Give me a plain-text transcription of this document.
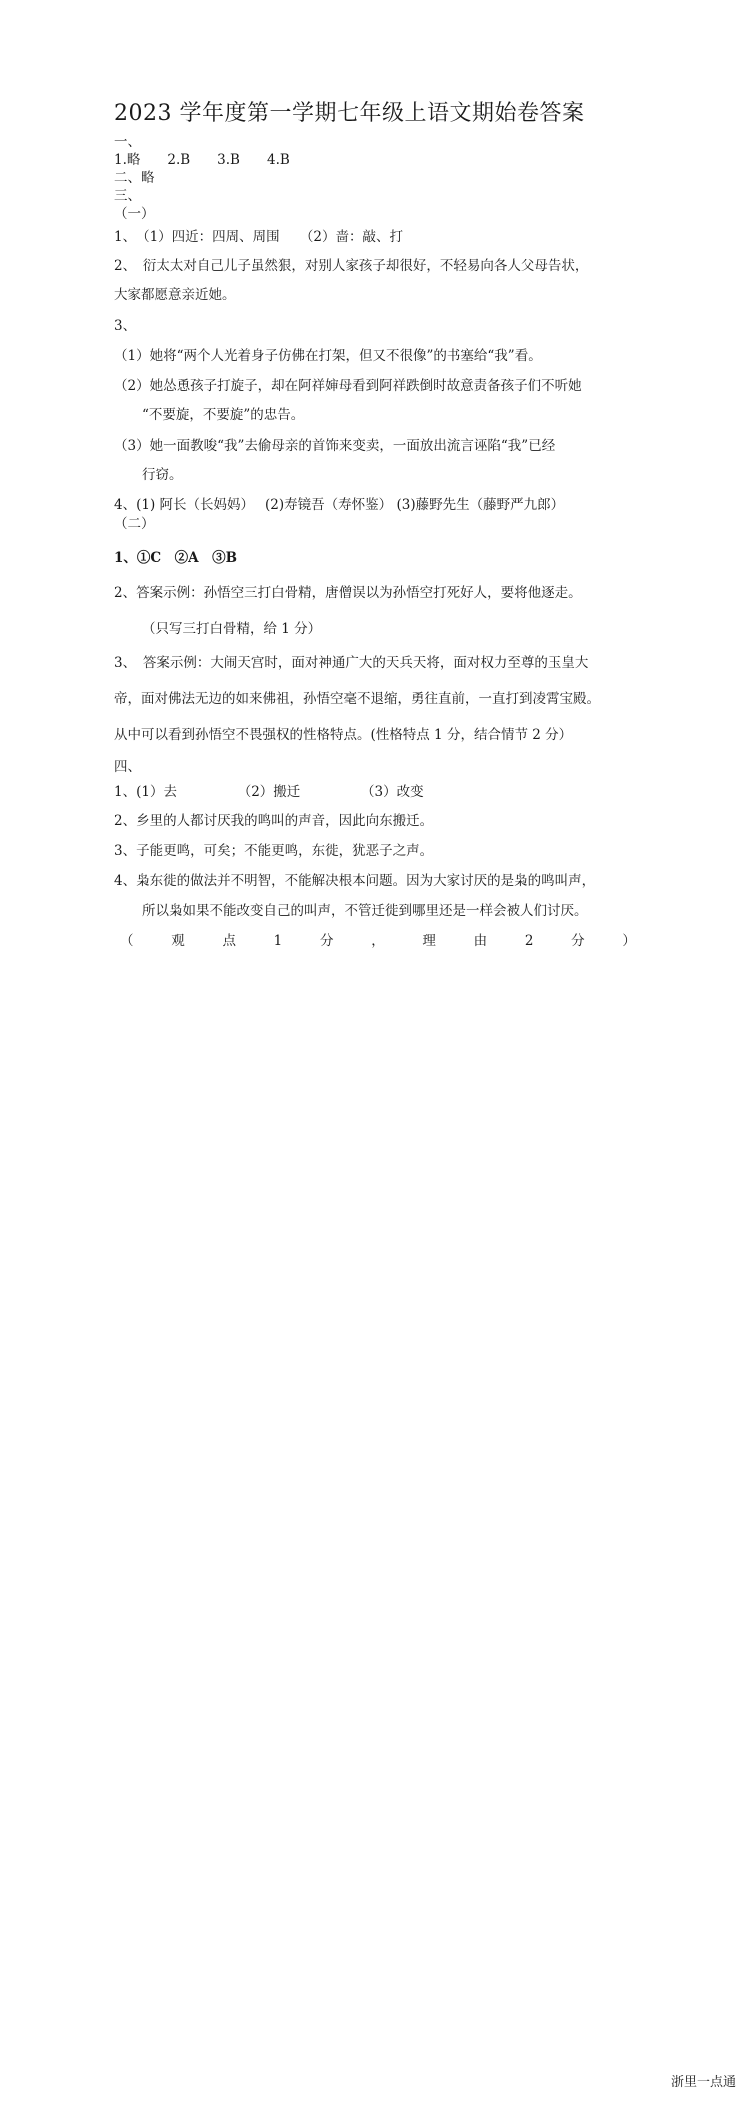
2023 学年度第一学期七年级上语文期始卷答案
一、
1.略　　2.B　　3.B　　4.B
二、略
三、
（一）
1、　（1）四近：四周、周围　　（2）啬：敲、打
2、　衍太太对自己儿子虽然狠，对别人家孩子却很好，不轻易向各人父母告状，
大家都愿意亲近她。
3、
（1）她将“两个人光着身子仿佛在打架，但又不很像”的书塞给“我”看。
（2）她怂恿孩子打旋子，却在阿祥婶母看到阿祥跌倒时故意责备孩子们不听她
“不要旋，不要旋”的忠告。
（3）她一面教唆“我”去偷母亲的首饰来变卖，一面放出流言诬陷“我”已经
行窃。
4、(1) 阿长（长妈妈）　 (2)寿镜吾（寿怀鉴） (3)藤野先生（藤野严九郎）
（二）
1、①C　②A　③B
2、答案示例：孙悟空三打白骨精，唐僧误以为孙悟空打死好人，要将他逐走。
（只写三打白骨精，给 1 分）
3、　答案示例：大闹天宫时，面对神通广大的天兵天将，面对权力至尊的玉皇大
帝，面对佛法无边的如来佛祖，孙悟空毫不退缩，勇往直前，一直打到凌霄宝殿。
从中可以看到孙悟空不畏强权的性格特点。(性格特点 1 分，结合情节 2 分）
四、
1、(1）去　　　　　（2）搬迁　　　　　（3）改变
2、乡里的人都讨厌我的鸣叫的声音，因此向东搬迁。
3、子能更鸣，可矣；不能更鸣，东徙，犹恶子之声。
4、枭东徙的做法并不明智，不能解决根本问题。因为大家讨厌的是枭的鸣叫声，
所以枭如果不能改变自己的叫声，不管迁徙到哪里还是一样会被人们讨厌。
（	观	点	1	分	，	理	由	2	分	）
浙里一点通
